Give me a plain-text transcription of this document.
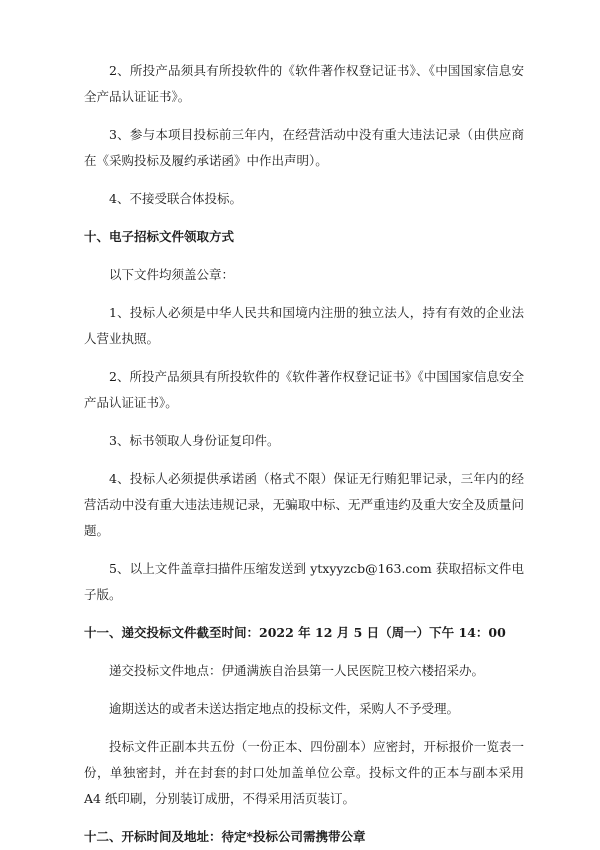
2、所投产品须具有所投软件的《软件著作权登记证书》、《中国国家信息安全产品认证证书》。

3、参与本项目投标前三年内，在经营活动中没有重大违法记录（由供应商在《采购投标及履约承诺函》中作出声明）。

4、不接受联合体投标。

十、电子招标文件领取方式

以下文件均须盖公章：

1、投标人必须是中华人民共和国境内注册的独立法人，持有有效的企业法人营业执照。

2、所投产品须具有所投软件的《软件著作权登记证书》《中国国家信息安全产品认证证书》。

3、标书领取人身份证复印件。

4、投标人必须提供承诺函（格式不限）保证无行贿犯罪记录，三年内的经营活动中没有重大违法违规记录，无骗取中标、无严重违约及重大安全及质量问题。

5、以上文件盖章扫描件压缩发送到 ytxyyzcb@163.com 获取招标文件电子版。

十一、递交投标文件截至时间：2022 年 12 月 5 日（周一）下午 14：00

递交投标文件地点：伊通满族自治县第一人民医院卫校六楼招采办。

逾期送达的或者未送达指定地点的投标文件，采购人不予受理。

投标文件正副本共五份（一份正本、四份副本）应密封，开标报价一览表一份，单独密封，并在封套的封口处加盖单位公章。投标文件的正本与副本采用 A4 纸印刷，分别装订成册，不得采用活页装订。

十二、开标时间及地址：待定*投标公司需携带公章
